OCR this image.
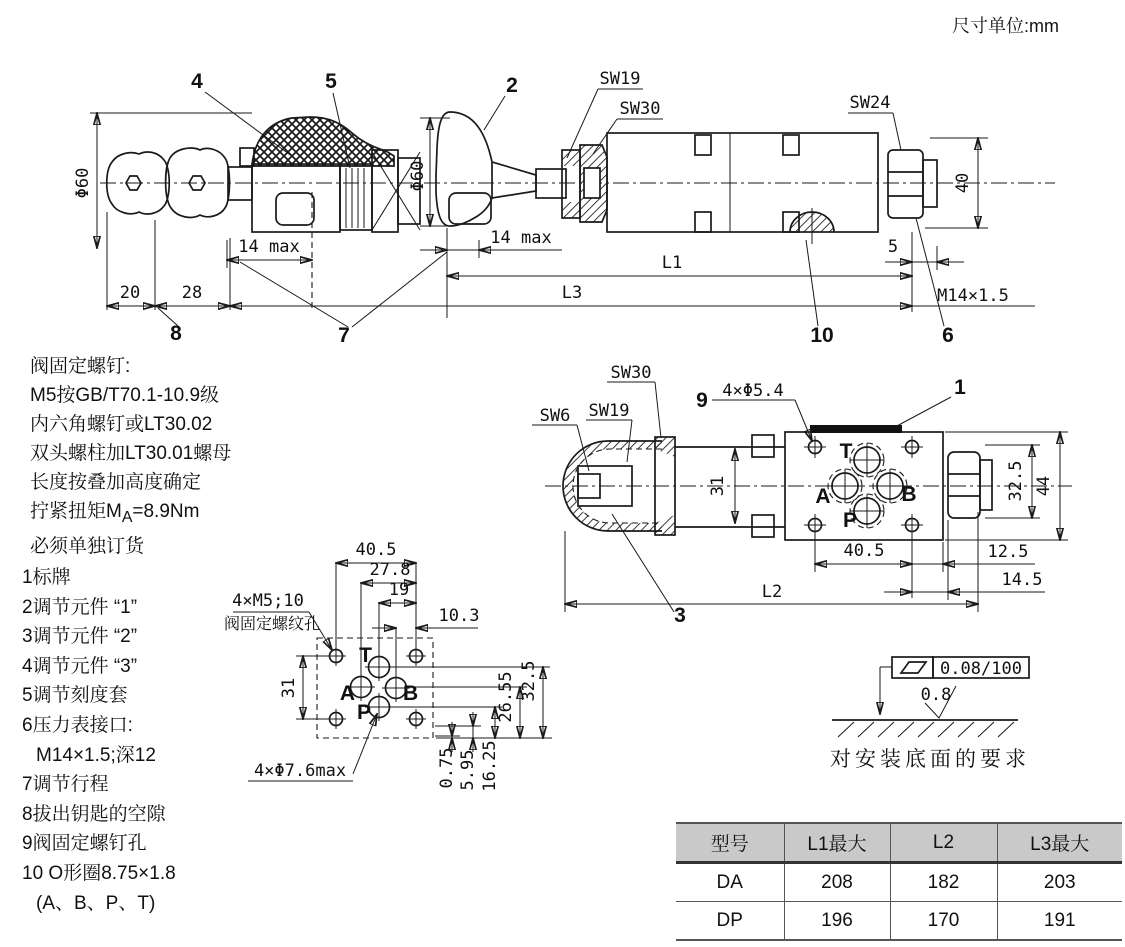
Φ60	Φ60	40
14 max	14 max
L1
5
20 28	L3	M14×1.5
4	5	2
8	7	10	6
SW19
SW30	SW24
T
A	B
P
31	32.5 44
40.5	12.5
14.5
L2
3
9 4×Φ5.4	1
SW30
SW19
SW6
T
A B
P
40.5
27.8
19
10.3
31
0.75 5.95 16.25
26.55 32.5
4×M5;10
阀固定螺纹孔
4×Φ7.6max
0.08/100
0.8
对安装底面的要求
尺寸单位:mm
阀固定螺钉:
M5按GB/T70.1-10.9级
内六角螺钉或LT30.02
双头螺柱加LT30.01螺母
长度按叠加高度确定
拧紧扭矩$M_A=8.9Nm$
必须单独订货
1标牌
2调节元件 “1”
3调节元件 “2”
4调节元件 “3”
5调节刻度套
6压力表接口:
M14×1.5;深12
7调节行程
8拔出钥匙的空隙
9阀固定螺钉孔
10 O形圈8.75×1.8
(A、B、P、T)
型号	L1最大	L2	L3最大
DA	208	182	203
DP	196	170	191
